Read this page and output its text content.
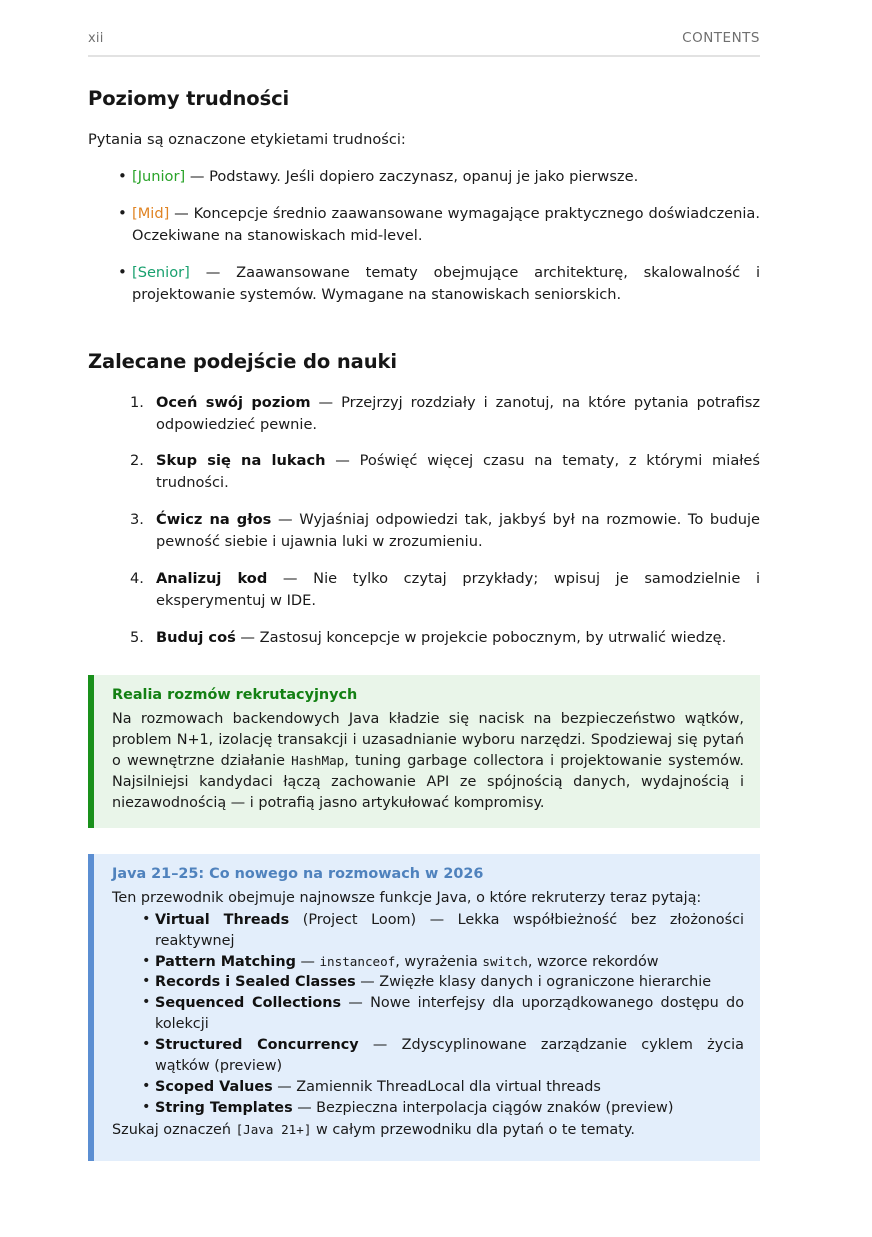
xii	CONTENTS
Poziomy trudności

Pytania są oznaczone etykietami trudności:

• [Junior] — Podstawy. Jeśli dopiero zaczynasz, opanuj je jako pierwsze.
• [Mid] — Koncepcje średnio zaawansowane wymagające praktycznego doświadczenia. Oczekiwane na stanowiskach mid-level.
• [Senior] — Zaawansowane tematy obejmujące architekturę, skalowalność i projektowanie systemów. Wymagane na stanowiskach seniorskich.
Zalecane podejście do nauki
Oceń swój poziom — Przejrzyj rozdziały i zanotuj, na które pytania potrafisz odpowiedzieć pewnie.
Skup się na lukach — Poświęć więcej czasu na tematy, z którymi miałeś trudności.
Ćwicz na głos — Wyjaśniaj odpowiedzi tak, jakbyś był na rozmowie. To buduje pewność siebie i ujawnia luki w zrozumieniu.
Analizuj kod — Nie tylko czytaj przykłady; wpisuj je samodzielnie i eksperymentuj w IDE.
Buduj coś — Zastosuj koncepcje w projekcie pobocznym, by utrwalić wiedzę.
Realia rozmów rekrutacyjnych

Na rozmowach backendowych Java kładzie się nacisk na bezpieczeństwo wątków, problem N+1, izolację transakcji i uzasadnianie wyboru narzędzi. Spodziewaj się pytań o wewnętrzne działanie HashMap, tuning garbage collectora i projektowanie systemów. Najsilniejsi kandydaci łączą zachowanie API ze spójnością danych, wydajnością i niezawodnością — i potrafią jasno artykułować kompromisy.

Java 21–25: Co nowego na rozmowach w 2026

Ten przewodnik obejmuje najnowsze funkcje Java, o które rekruterzy teraz pytają:

• Virtual Threads (Project Loom) — Lekka współbieżność bez złożoności reaktywnej
• Pattern Matching — instanceof, wyrażenia switch, wzorce rekordów
• Records i Sealed Classes — Zwięzłe klasy danych i ograniczone hierarchie
• Sequenced Collections — Nowe interfejsy dla uporządkowanego dostępu do kolekcji
• Structured Concurrency — Zdyscyplinowane zarządzanie cyklem życia wątków (preview)
• Scoped Values — Zamiennik ThreadLocal dla virtual threads
• String Templates — Bezpieczna interpolacja ciągów znaków (preview)

Szukaj oznaczeń [Java 21+] w całym przewodniku dla pytań o te tematy.
